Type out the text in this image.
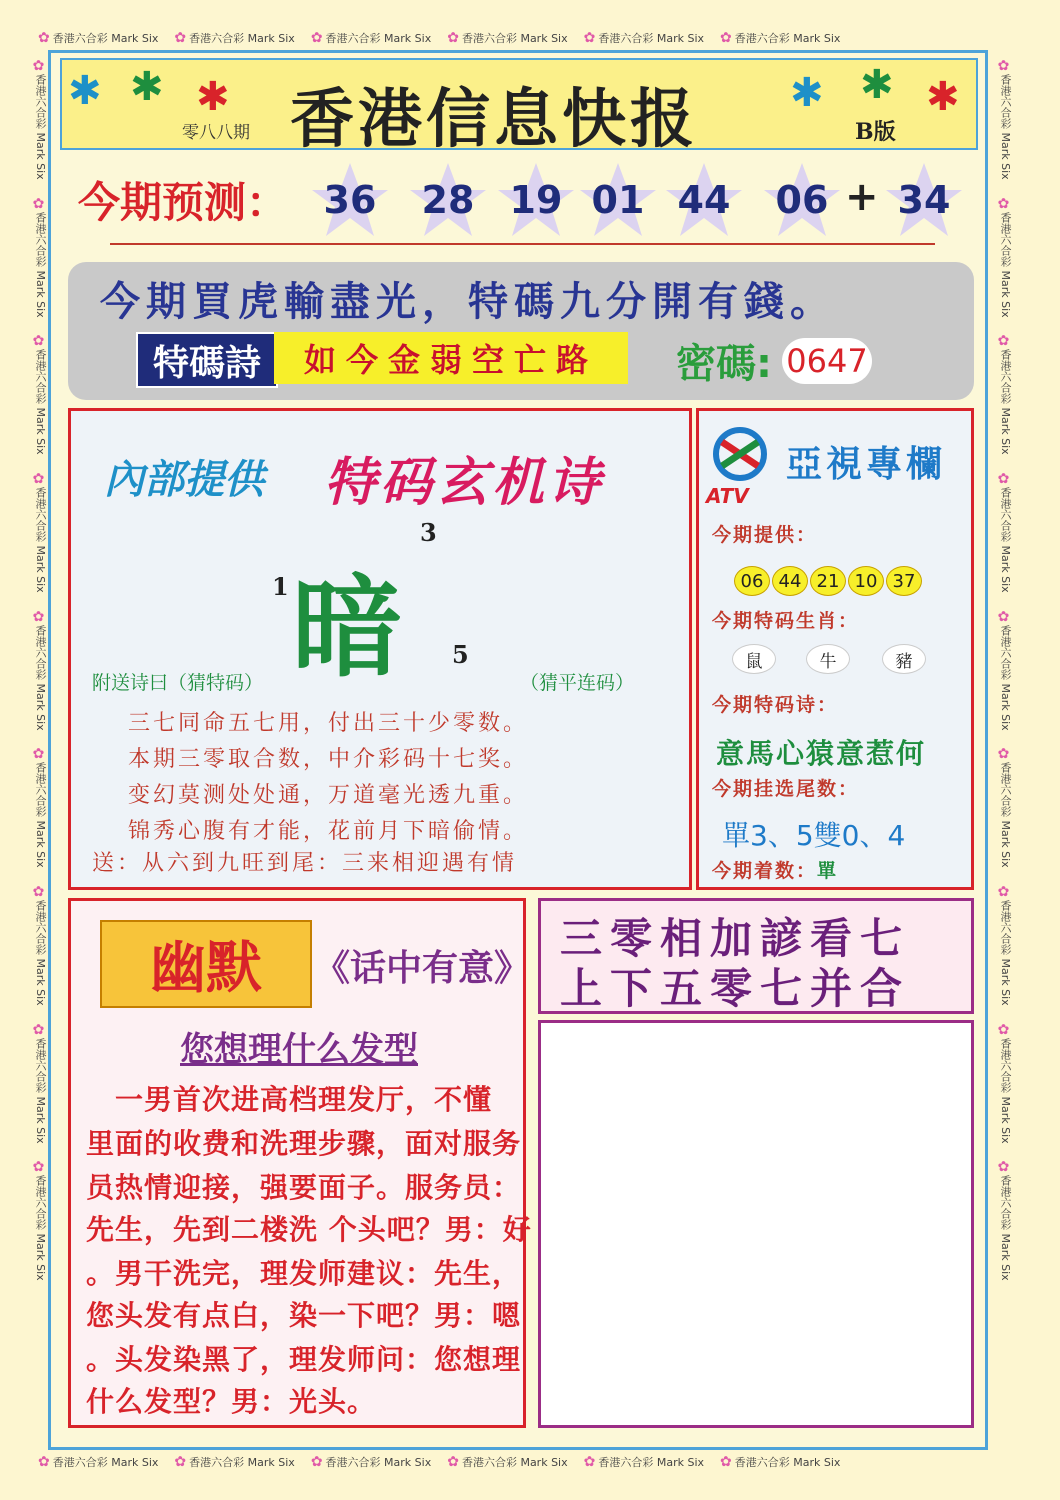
✿ 香港六合彩 Mark Six ✿ 香港六合彩 Mark Six ✿ 香港六合彩 Mark Six ✿ 香港六合彩 Mark Six ✿ 香港六合彩 Mark Six ✿ 香港六合彩 Mark Six
✿ 香港六合彩 Mark Six ✿ 香港六合彩 Mark Six ✿ 香港六合彩 Mark Six ✿ 香港六合彩 Mark Six ✿ 香港六合彩 Mark Six ✿ 香港六合彩 Mark Six
✿
香港六合彩 Mark Six
✿
香港六合彩 Mark Six
✿
香港六合彩 Mark Six
✿
香港六合彩 Mark Six
✿
香港六合彩 Mark Six
✿
香港六合彩 Mark Six
✿
香港六合彩 Mark Six
✿
香港六合彩 Mark Six
✿
香港六合彩 Mark Six
✿
香港六合彩 Mark Six
✿
香港六合彩 Mark Six
✿
香港六合彩 Mark Six
✿
香港六合彩 Mark Six
✿
香港六合彩 Mark Six
✿
香港六合彩 Mark Six
✿
香港六合彩 Mark Six
✿
香港六合彩 Mark Six
✿
香港六合彩 Mark Six
✱ ✱ ✱	✱ ✱ ✱
香港信息快报
零八八期	B版
今期预测： 36 28 19 01 44 06 + 34
今期買虎輸盡光，特碼九分開有錢。
特碼詩	如今金弱空亡路	密碼: 0647
內部提供 特码玄机诗
3
1 暗 5
附送诗曰（猜特码）	（猜平连码）
三七同命五七用，付出三十少零数。
本期三零取合数，中介彩码十七奖。
变幻莫测处处通，万道毫光透九重。
锦秀心腹有才能，花前月下暗偷情。
送：从六到九旺到尾：三来相迎遇有情
ATV
亞視專欄
今期提供：
06 44 21 10 37
今期特码生肖：
鼠	牛	豬
今期特码诗：
意馬心猿意惹何
今期挂选尾数：
單3、5雙0、4
今期着数：單
幽默	《话中有意》
您想理什么发型
　一男首次进高档理发厅，不懂
里面的收费和洗理步骤，面对服务
员热情迎接，强要面子。服务员：
先生，先到二楼洗 个头吧？男：好
。男干洗完，理发师建议：先生，
您头发有点白，染一下吧？男：嗯
。头发染黑了，理发师问：您想理
什么发型？男：光头。
三零相加諺看七
上下五零七并合
